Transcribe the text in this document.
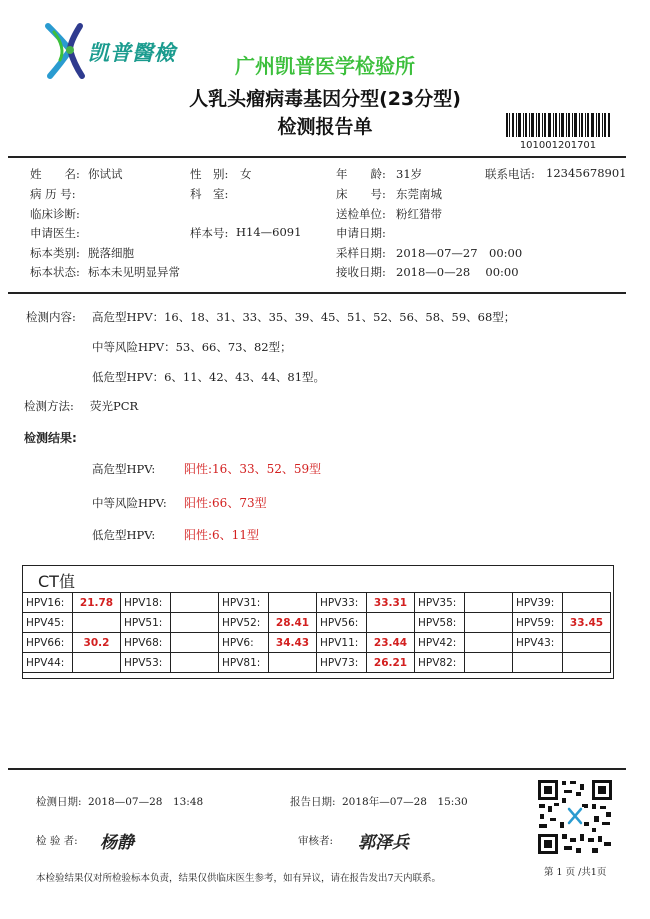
凯普醫檢
广州凯普医学检验所
人乳头瘤病毒基因分型(23分型)
检测报告单
101001201701
姓　　名: 你试试	性　别: 女	年　　龄: 31岁	联系电话: 12345678901
病 历 号:	科　室:	床　　号: 东莞南城
临床诊断:	送检单位: 粉红猎带
申请医生:	样本号: H14—6091	申请日期:
标本类别: 脱落细胞	采样日期: 2018—07—27　00:00
标本状态: 标本未见明显异常	接收日期: 2018—0—28　 00:00
检测内容: 高危型HPV：16、18、31、33、35、39、45、51、52、56、58、59、68型；
中等风险HPV：53、66、73、82型；
低危型HPV：6、11、42、43、44、81型。
检测方法: 荧光PCR
检测结果:
高危型HPV: 阳性:16、33、52、59型
中等风险HPV: 阳性:66、73型
低危型HPV: 阳性:6、11型
CT值
HPV16:	21.78	HPV18:		HPV31:		HPV33:	33.31	HPV35:		HPV39:	
HPV45:		HPV51:		HPV52:	28.41	HPV56:		HPV58:		HPV59:	33.45
HPV66:	30.2	HPV68:		HPV6:	34.43	HPV11:	23.44	HPV42:		HPV43:	
HPV44:		HPV53:		HPV81:		HPV73:	26.21	HPV82:			
检测日期: 2018—07—28　13:48	报告日期: 2018年—07—28　15:30
检 验 者: 杨静	审核者: 郭泽兵
本检验结果仅对所检验标本负责，结果仅供临床医生参考，如有异议，请在报告发出7天内联系。
第 1 页 /共1页
